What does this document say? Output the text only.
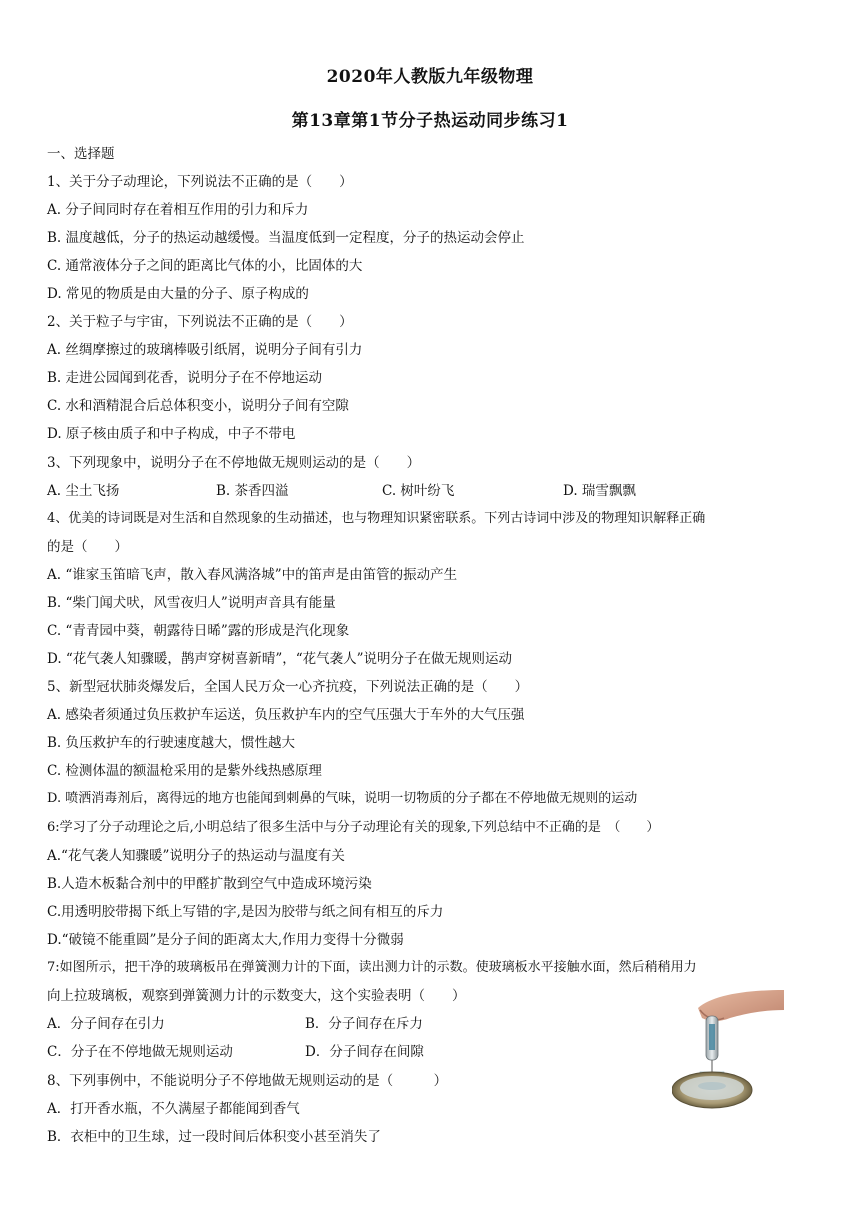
2020年人教版九年级物理
第13章第1节分子热运动同步练习1
一、选择题
1、关于分子动理论，下列说法不正确的是（　　）
A. 分子间同时存在着相互作用的引力和斥力
B. 温度越低，分子的热运动越缓慢。当温度低到一定程度，分子的热运动会停止
C. 通常液体分子之间的距离比气体的小，比固体的大
D. 常见的物质是由大量的分子、原子构成的
2、关于粒子与宇宙，下列说法不正确的是（　　）
A. 丝绸摩擦过的玻璃棒吸引纸屑，说明分子间有引力
B. 走进公园闻到花香，说明分子在不停地运动
C. 水和酒精混合后总体积变小，说明分子间有空隙
D. 原子核由质子和中子构成，中子不带电
3、下列现象中，说明分子在不停地做无规则运动的是（　　）
A. 尘土飞扬	B. 茶香四溢	C. 树叶纷飞	D. 瑞雪飘飘
4、优美的诗词既是对生活和自然现象的生动描述，也与物理知识紧密联系。下列古诗词中涉及的物理知识解释正确
的是（　　）
A. “谁家玉笛暗飞声，散入春风满洛城”中的笛声是由笛管的振动产生
B. “柴门闻犬吠，风雪夜归人”说明声音具有能量
C. “青青园中葵，朝露待日晞”露的形成是汽化现象
D. “花气袭人知骤暖，鹊声穿树喜新晴”，“花气袭人”说明分子在做无规则运动
5、新型冠状肺炎爆发后，全国人民万众一心齐抗疫，下列说法正确的是（　　）
A. 感染者须通过负压救护车运送，负压救护车内的空气压强大于车外的大气压强
B. 负压救护车的行驶速度越大，惯性越大
C. 检测体温的额温枪采用的是紫外线热感原理
D. 喷洒消毒剂后，离得远的地方也能闻到刺鼻的气味，说明一切物质的分子都在不停地做无规则的运动
6:学习了分子动理论之后,小明总结了很多生活中与分子动理论有关的现象,下列总结中不正确的是　（　　）
A.“花气袭人知骤暖”说明分子的热运动与温度有关
B.人造木板黏合剂中的甲醛扩散到空气中造成环境污染
C.用透明胶带揭下纸上写错的字,是因为胶带与纸之间有相互的斥力
D.“破镜不能重圆”是分子间的距离太大,作用力变得十分微弱
7:如图所示，把干净的玻璃板吊在弹簧测力计的下面，读出测力计的示数。使玻璃板水平接触水面，然后稍稍用力
向上拉玻璃板，观察到弹簧测力计的示数变大，这个实验表明（　　）
A．分子间存在引力	B．分子间存在斥力
C．分子在不停地做无规则运动	D．分子间存在间隙
8、下列事例中，不能说明分子不停地做无规则运动的是（　　　）
A．打开香水瓶，不久满屋子都能闻到香气
B．衣柜中的卫生球，过一段时间后体积变小甚至消失了
